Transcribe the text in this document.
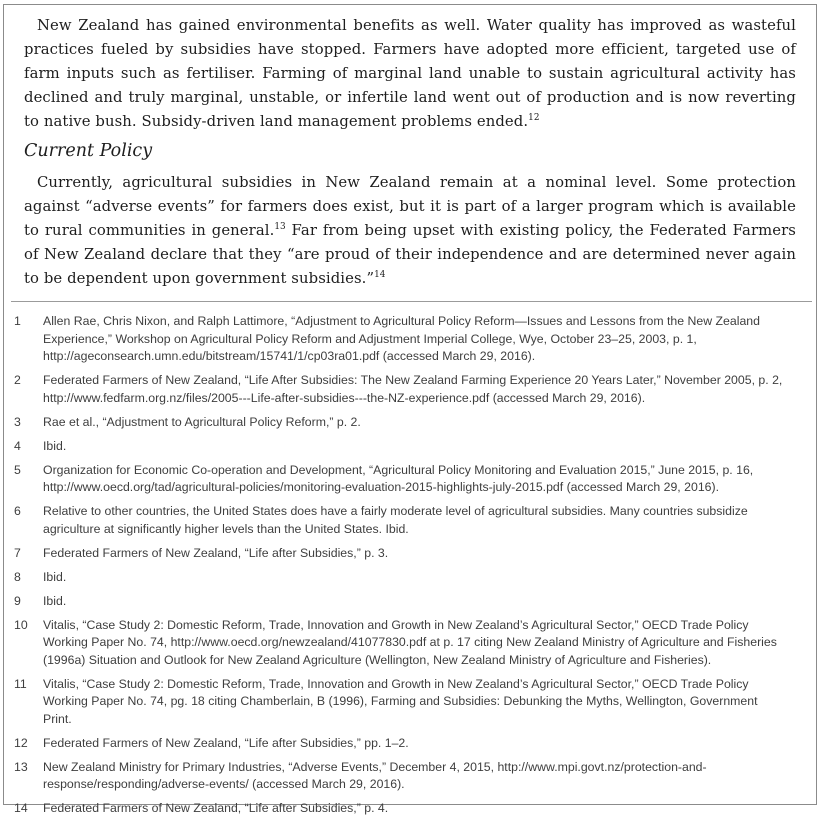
New Zealand has gained environmental benefits as well. Water quality has improved as wasteful practices fueled by subsidies have stopped. Farmers have adopted more efficient, targeted use of farm inputs such as fertiliser. Farming of marginal land unable to sustain agricultural activity has declined and truly marginal, unstable, or infertile land went out of production and is now reverting to native bush. Subsidy-driven land management problems ended.$^{12}$

Current Policy

Currently, agricultural subsidies in New Zealand remain at a nominal level. Some protection against “adverse events” for farmers does exist, but it is part of a larger program which is available to rural communities in general.$^{13}$ Far from being upset with existing policy, the Federated Farmers of New Zealand declare that they “are proud of their independence and are determined never again to be dependent upon government subsidies.”$^{14}$

1	Allen Rae, Chris Nixon, and Ralph Lattimore, “Adjustment to Agricultural Policy Reform—Issues and Lessons from the New Zealand Experience,” Workshop on Agricultural Policy Reform and Adjustment Imperial College, Wye, October 23–25, 2003, p. 1, http://ageconsearch.umn.edu/bitstream/15741/1/cp03ra01.pdf (accessed March 29, 2016).
2	Federated Farmers of New Zealand, “Life After Subsidies: The New Zealand Farming Experience 20 Years Later,” November 2005, p. 2, http://www.fedfarm.org.nz/files/2005---Life-after-subsidies---the-NZ-experience.pdf (accessed March 29, 2016).
3	Rae et al., “Adjustment to Agricultural Policy Reform,” p. 2.
4	Ibid.
5	Organization for Economic Co-operation and Development, “Agricultural Policy Monitoring and Evaluation 2015,” June 2015, p. 16, http://www.oecd.org/tad/agricultural-policies/monitoring-evaluation-2015-highlights-july-2015.pdf (accessed March 29, 2016).
6	Relative to other countries, the United States does have a fairly moderate level of agricultural subsidies. Many countries subsidize agriculture at significantly higher levels than the United States. Ibid.
7	Federated Farmers of New Zealand, “Life after Subsidies,” p. 3.
8	Ibid.
9	Ibid.
10	Vitalis, “Case Study 2: Domestic Reform, Trade, Innovation and Growth in New Zealand’s Agricultural Sector,” OECD Trade Policy Working Paper No. 74, http://www.oecd.org/newzealand/41077830.pdf at p. 17 citing New Zealand Ministry of Agriculture and Fisheries (1996a) Situation and Outlook for New Zealand Agriculture (Wellington, New Zealand Ministry of Agriculture and Fisheries).
11	Vitalis, “Case Study 2: Domestic Reform, Trade, Innovation and Growth in New Zealand’s Agricultural Sector,” OECD Trade Policy Working Paper No. 74, pg. 18 citing Chamberlain, B (1996), Farming and Subsidies: Debunking the Myths, Wellington, Government Print.
12	Federated Farmers of New Zealand, “Life after Subsidies,” pp. 1–2.
13	New Zealand Ministry for Primary Industries, “Adverse Events,” December 4, 2015, http://www.mpi.govt.nz/protection-and-response/responding/adverse-events/ (accessed March 29, 2016).
14	Federated Farmers of New Zealand, “Life after Subsidies,” p. 4.
